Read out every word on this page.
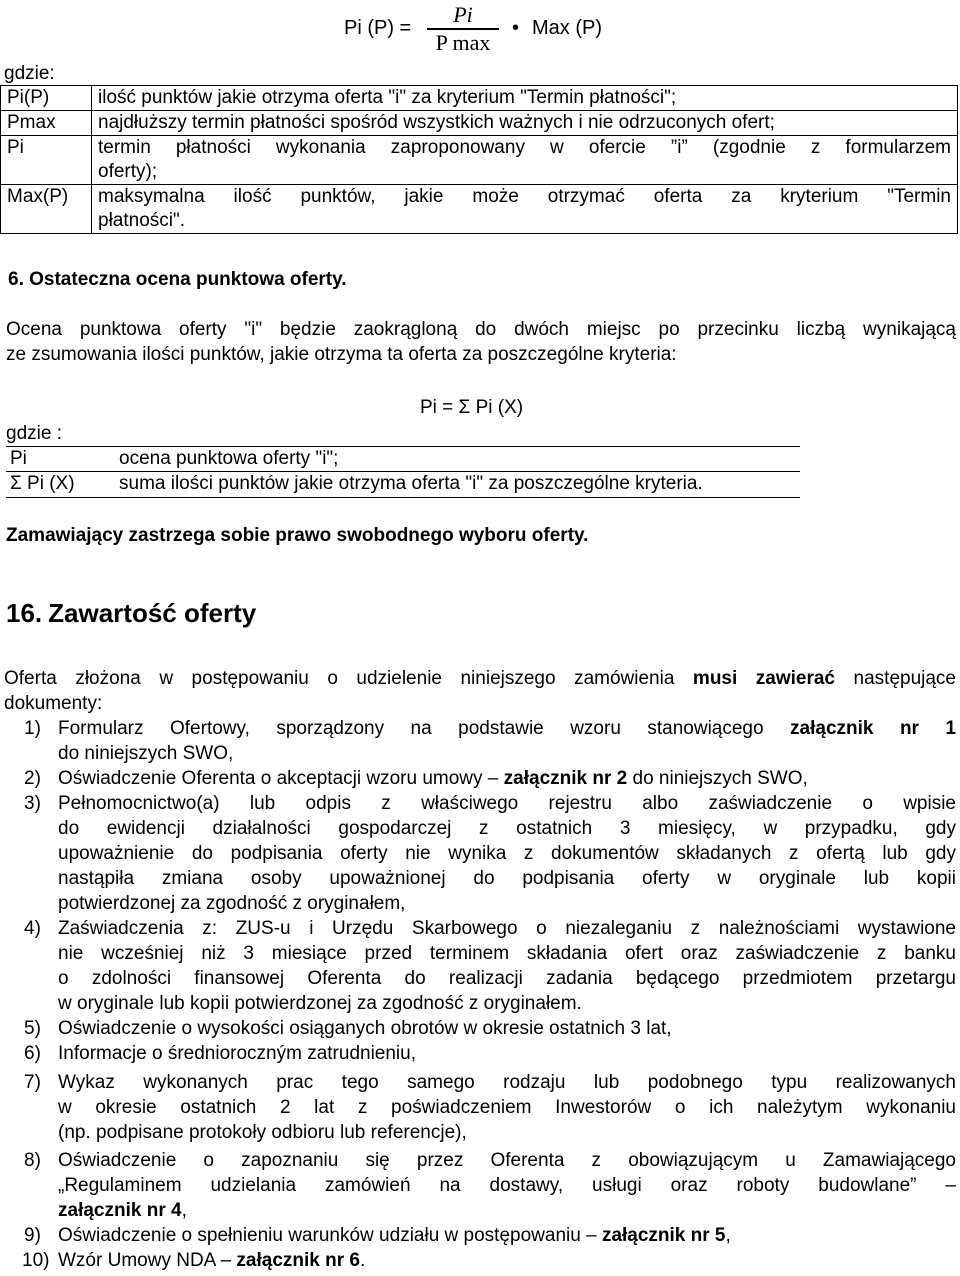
Pi (P) =
Pi
P max
• Max (P)
gdzie:
Pi(P)	ilość punktów jakie otrzyma oferta "i" za kryterium "Termin płatności";

Pmax	najdłuższy termin płatności spośród wszystkich ważnych i nie odrzuconych ofert;

Pi	termin płatności wykonania zaproponowany w ofercie ”i” (zgodnie z formularzem
oferty);

Max(P)	maksymalna ilość punktów, jakie może otrzymać oferta za kryterium "Termin
płatności".
6. Ostateczna ocena punktowa oferty.
Ocena punktowa oferty "i" będzie zaokrągloną do dwóch miejsc po przecinku liczbą wynikającą
ze zsumowania ilości punktów, jakie otrzyma ta oferta za poszczególne kryteria:
Pi = Σ Pi (X)
gdzie :
Pi	ocena punktowa oferty "i";
Σ Pi (X) suma ilości punktów jakie otrzyma oferta "i" za poszczególne kryteria.
Zamawiający zastrzega sobie prawo swobodnego wyboru oferty.
16. Zawartość oferty
Oferta złożona w postępowaniu o udzielenie niniejszego zamówienia musi zawierać następujące
dokumenty:
1) Formularz Ofertowy, sporządzony na podstawie wzoru stanowiącego załącznik nr 1
do niniejszych SWO,
2) Oświadczenie Oferenta o akceptacji wzoru umowy – załącznik nr 2 do niniejszych SWO,
3) Pełnomocnictwo(a) lub odpis z właściwego rejestru albo zaświadczenie o wpisie
do ewidencji działalności gospodarczej z ostatnich 3 miesięcy, w przypadku, gdy
upoważnienie do podpisania oferty nie wynika z dokumentów składanych z ofertą lub gdy
nastąpiła zmiana osoby upoważnionej do podpisania oferty w oryginale lub kopii
potwierdzonej za zgodność z oryginałem,
4) Zaświadczenia z: ZUS-u i Urzędu Skarbowego o niezaleganiu z należnościami wystawione
nie wcześniej niż 3 miesiące przed terminem składania ofert oraz zaświadczenie z banku
o zdolności finansowej Oferenta do realizacji zadania będącego przedmiotem przetargu
w oryginale lub kopii potwierdzonej za zgodność z oryginałem.
5) Oświadczenie o wysokości osiąganych obrotów w okresie ostatnich 3 lat,
6) Informacje o średnioroczným zatrudnieniu,
7) Wykaz wykonanych prac tego samego rodzaju lub podobnego typu realizowanych
w okresie ostatnich 2 lat z poświadczeniem Inwestorów o ich należytym wykonaniu
(np. podpisane protokoły odbioru lub referencje),
8) Oświadczenie o zapoznaniu się przez Oferenta z obowiązującym u Zamawiającego
„Regulaminem udzielania zamówień na dostawy, usługi oraz roboty budowlane” –
załącznik nr 4,
9) Oświadczenie o spełnieniu warunków udziału w postępowaniu – załącznik nr 5,
10) Wzór Umowy NDA – załącznik nr 6.
